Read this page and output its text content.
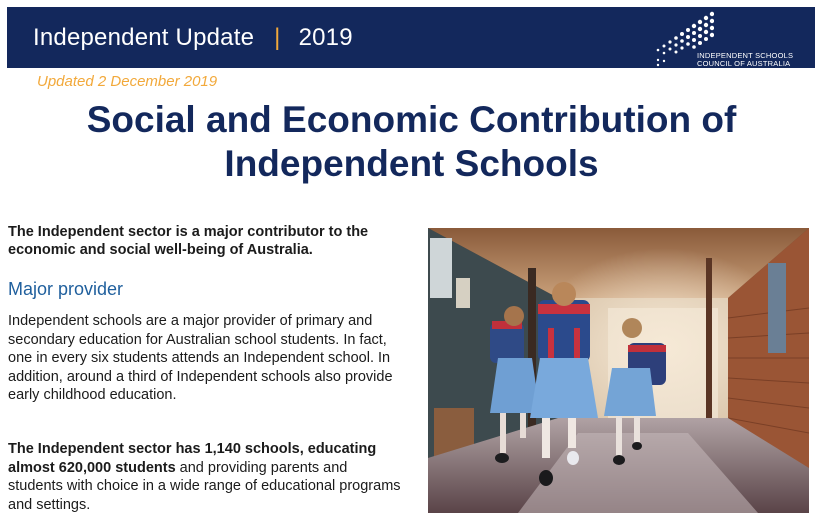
Independent Update | 2019
INDEPENDENT SCHOOLS
COUNCIL OF AUSTRALIA
Updated 2 December 2019
Social and Economic Contribution of
Independent Schools

The Independent sector is a major contributor to the economic and social well-being of Australia.

Major provider

Independent schools are a major provider of primary and secondary education for Australian school students. In fact, one in every six students attends an Independent school. In addition, around a third of Independent schools also provide early childhood education.

The Independent sector has 1,140 schools, educating almost 620,000 students and providing parents and students with choice in a wide range of educational programs and settings.
